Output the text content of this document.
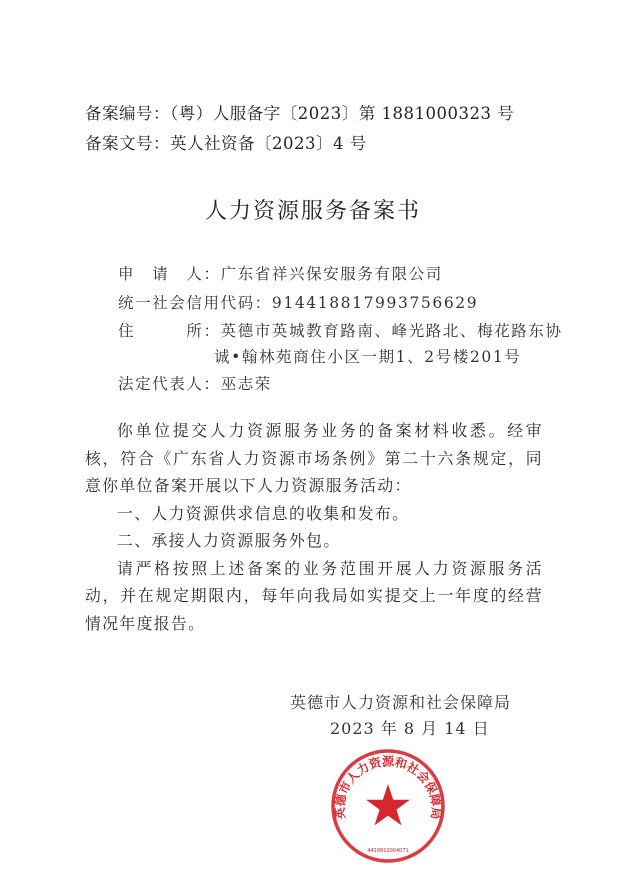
备案编号：（粤）人服备字〔2023〕第 1881000323 号
备案文号：英人社资备〔2023〕4 号
人力资源服务备案书
申　请　人：广东省祥兴保安服务有限公司
统一社会信用代码：914418817993756629
住　　　所：英德市英城教育路南、峰光路北、梅花路东协
诚•翰林苑商住小区一期1、2号楼201号
法定代表人：巫志荣

你单位提交人力资源服务业务的备案材料收悉。经审核，符合《广东省人力资源市场条例》第二十六条规定，同意你单位备案开展以下人力资源服务活动：

一、人力资源供求信息的收集和发布。

二、承接人力资源服务外包。

请严格按照上述备案的业务范围开展人力资源服务活动，并在规定期限内，每年向我局如实提交上一年度的经营情况年度报告。

英德市人力资源和社会保障局
2023 年 8 月 14 日
英德市人力资源和社会保障局
4418810004071
